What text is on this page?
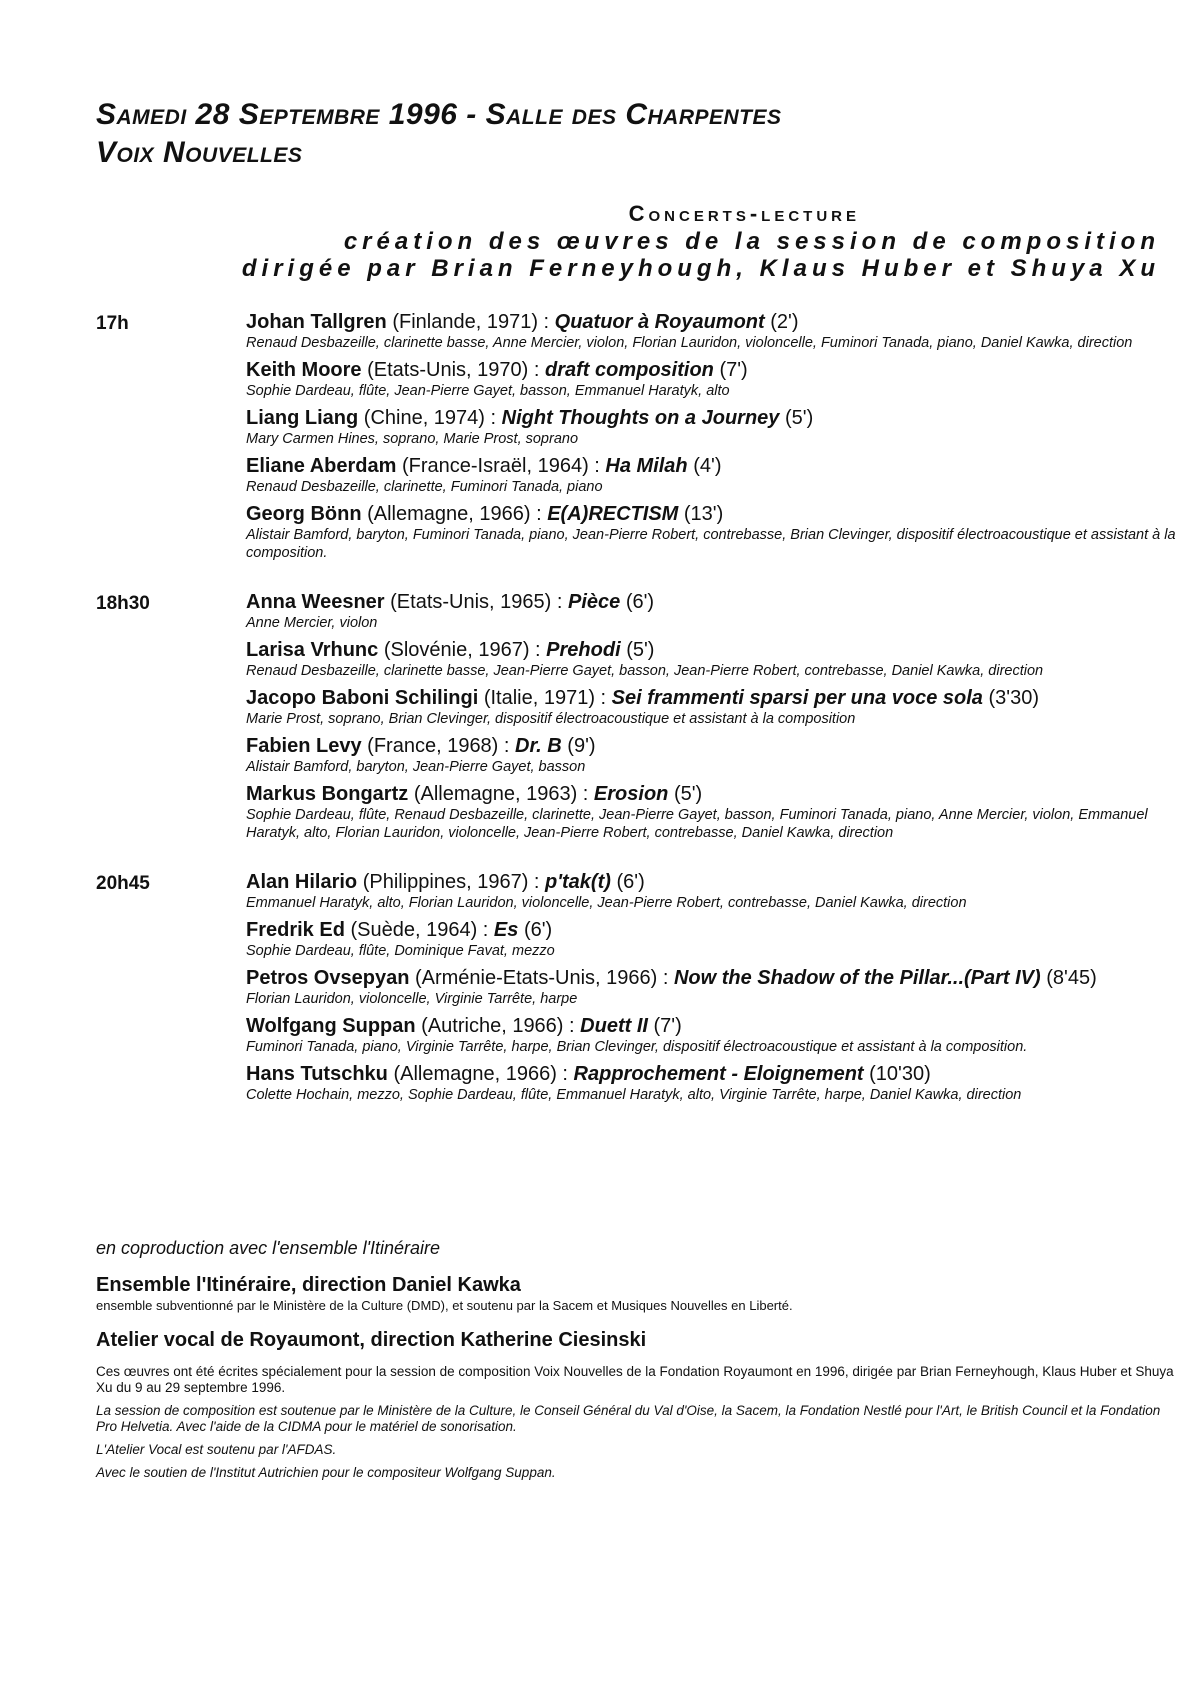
Samedi 28 Septembre 1996 - Salle des Charpentes

Voix Nouvelles

Concerts-lecture
création des œuvres de la session de composition
dirigée par Brian Ferneyhough, Klaus Huber et Shuya Xu
17h	Johan Tallgren (Finlande, 1971) : Quatuor à Royaumont (2')
Renaud Desbazeille, clarinette basse, Anne Mercier, violon, Florian Lauridon, violoncelle, Fuminori Tanada, piano, Daniel Kawka, direction
Keith Moore (Etats-Unis, 1970) : draft composition (7')
Sophie Dardeau, flûte, Jean-Pierre Gayet, basson, Emmanuel Haratyk, alto
Liang Liang (Chine, 1974) : Night Thoughts on a Journey (5')
Mary Carmen Hines, soprano, Marie Prost, soprano
Eliane Aberdam (France-Israël, 1964) : Ha Milah (4')
Renaud Desbazeille, clarinette, Fuminori Tanada, piano
Georg Bönn (Allemagne, 1966) : E(A)RECTISM (13')
Alistair Bamford, baryton, Fuminori Tanada, piano, Jean-Pierre Robert, contrebasse, Brian Clevinger, dispositif électroacoustique et assistant à la composition.
18h30	Anna Weesner (Etats-Unis, 1965) : Pièce (6')
Anne Mercier, violon
Larisa Vrhunc (Slovénie, 1967) : Prehodi (5')
Renaud Desbazeille, clarinette basse, Jean-Pierre Gayet, basson, Jean-Pierre Robert, contrebasse, Daniel Kawka, direction
Jacopo Baboni Schilingi (Italie, 1971) : Sei frammenti sparsi per una voce sola (3'30)
Marie Prost, soprano, Brian Clevinger, dispositif électroacoustique et assistant à la composition
Fabien Levy (France, 1968) : Dr. B (9')
Alistair Bamford, baryton, Jean-Pierre Gayet, basson
Markus Bongartz (Allemagne, 1963) : Erosion (5')
Sophie Dardeau, flûte, Renaud Desbazeille, clarinette, Jean-Pierre Gayet, basson, Fuminori Tanada, piano, Anne Mercier, violon, Emmanuel Haratyk, alto, Florian Lauridon, violoncelle, Jean-Pierre Robert, contrebasse, Daniel Kawka, direction
20h45	Alan Hilario (Philippines, 1967) : p'tak(t) (6')
Emmanuel Haratyk, alto, Florian Lauridon, violoncelle, Jean-Pierre Robert, contrebasse, Daniel Kawka, direction
Fredrik Ed (Suède, 1964) : Es (6')
Sophie Dardeau, flûte, Dominique Favat, mezzo
Petros Ovsepyan (Arménie-Etats-Unis, 1966) : Now the Shadow of the Pillar...(Part IV) (8'45)
Florian Lauridon, violoncelle, Virginie Tarrête, harpe
Wolfgang Suppan (Autriche, 1966) : Duett II (7')
Fuminori Tanada, piano, Virginie Tarrête, harpe, Brian Clevinger, dispositif électroacoustique et assistant à la composition.
Hans Tutschku (Allemagne, 1966) : Rapprochement - Eloignement (10'30)
Colette Hochain, mezzo, Sophie Dardeau, flûte, Emmanuel Haratyk, alto, Virginie Tarrête, harpe, Daniel Kawka, direction
en coproduction avec l'ensemble l'Itinéraire
Ensemble l'Itinéraire, direction Daniel Kawka
ensemble subventionné par le Ministère de la Culture (DMD), et soutenu par la Sacem et Musiques Nouvelles en Liberté.
Atelier vocal de Royaumont, direction Katherine Ciesinski
Ces œuvres ont été écrites spécialement pour la session de composition Voix Nouvelles de la Fondation Royaumont en 1996, dirigée par Brian Ferneyhough, Klaus Huber et Shuya Xu du 9 au 29 septembre 1996.
La session de composition est soutenue par le Ministère de la Culture, le Conseil Général du Val d'Oise, la Sacem, la Fondation Nestlé pour l'Art, le British Council et la Fondation Pro Helvetia. Avec l'aide de la CIDMA pour le matériel de sonorisation.
L'Atelier Vocal est soutenu par l'AFDAS.
Avec le soutien de l'Institut Autrichien pour le compositeur Wolfgang Suppan.
